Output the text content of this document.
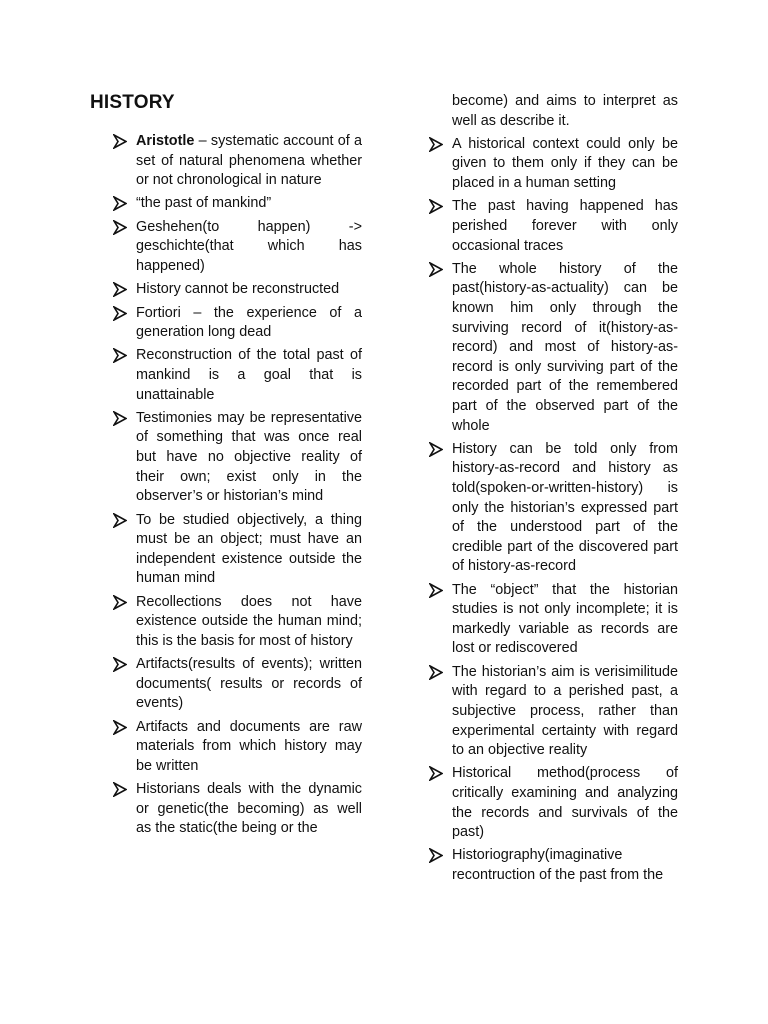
HISTORY
Aristotle – systematic account of a set of natural phenomena whether or not chronological in nature
“the past of mankind”
Geshehen(to happen) -> geschichte(that which has happened)
History cannot be reconstructed
Fortiori – the experience of a generation long dead
Reconstruction of the total past of mankind is a goal that is unattainable
Testimonies may be representative of something that was once real but have no objective reality of their own; exist only in the observer’s or historian’s mind
To be studied objectively, a thing must be an object; must have an independent existence outside the human mind
Recollections does not have existence outside the human mind; this is the basis for most of history
Artifacts(results of events); written documents( results or records of events)
Artifacts and documents are raw materials from which history may be written
Historians deals with the dynamic or genetic(the becoming) as well as the static(the being or the

become) and aims to interpret as well as describe it.

A historical context could only be given to them only if they can be placed in a human setting
The past having happened has perished forever with only occasional traces
The whole history of the past(history-as-actuality) can be known him only through the surviving record of it(history-as-record) and most of history-as-record is only surviving part of the recorded part of the remembered part of the observed part of the whole
History can be told only from history-as-record and history as told(spoken-or-written-history) is only the historian’s expressed part of the understood part of the credible part of the discovered part of history-as-record
The “object” that the historian studies is not only incomplete; it is markedly variable as records are lost or rediscovered
The historian’s aim is verisimilitude with regard to a perished past, a subjective process, rather than experimental certainty with regard to an objective reality
Historical method(process of critically examining and analyzing the records and survivals of the past)
Historiography(imaginative recontruction of the past from the
